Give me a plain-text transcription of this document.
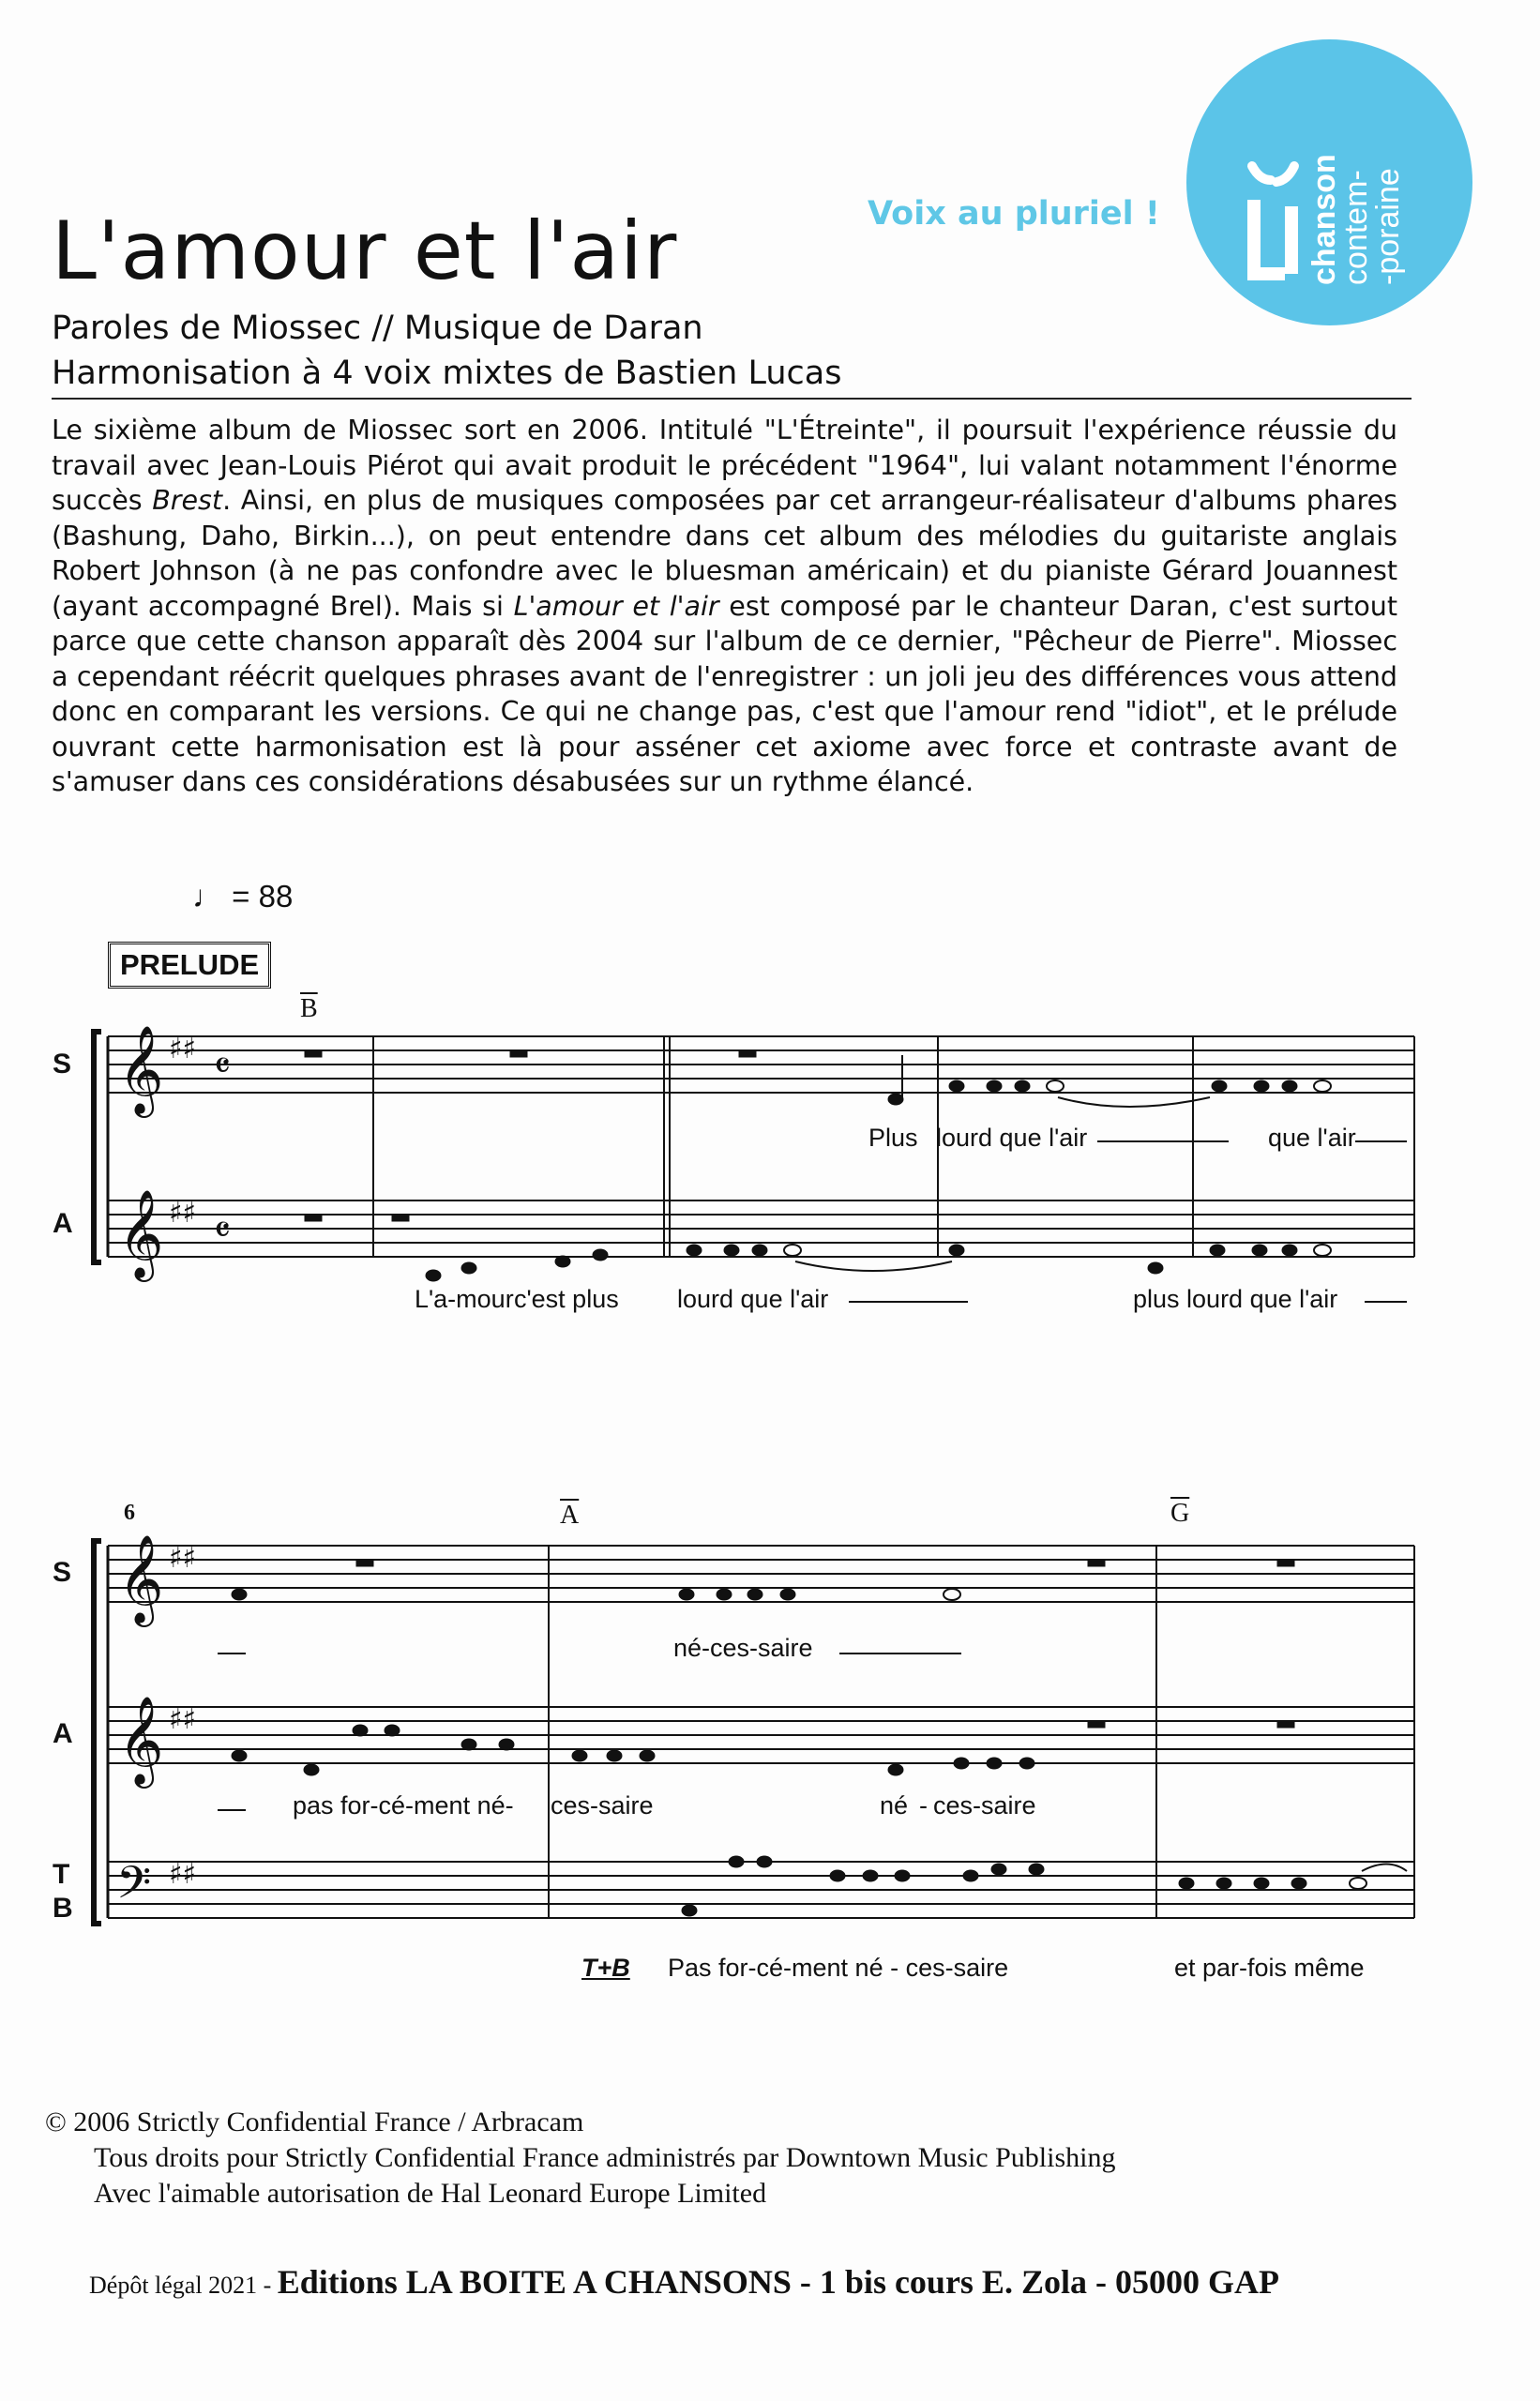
L'amour et l'air
Paroles de Miossec // Musique de Daran
Harmonisation à 4 voix mixtes de Bastien Lucas
Voix au pluriel !	chanson
contem-
-poraine

Le sixième album de Miossec sort en 2006. Intitulé "L'Étreinte", il poursuit l'expérience réussie du travail avec Jean-Louis Piérot qui avait produit le précédent "1964", lui valant notamment l'énorme succès Brest. Ainsi, en plus de musiques composées par cet arrangeur-réalisateur d'albums phares (Bashung, Daho, Birkin...), on peut entendre dans cet album des mélodies du guitariste anglais Robert Johnson (à ne pas confondre avec le bluesman américain) et du pianiste Gérard Jouannest (ayant accompagné Brel). Mais si L'amour et l'air est composé par le chanteur Daran, c'est surtout parce que cette chanson apparaît dès 2004 sur l'album de ce dernier, "Pêcheur de Pierre". Miossec a cependant réécrit quelques phrases avant de l'enregistrer : un joli jeu des différences vous attend donc en comparant les versions. Ce qui ne change pas, c'est que l'amour rend "idiot", et le prélude ouvrant cette harmonisation est là pour asséner cet axiome avec force et contraste avant de s'amuser dans ces considérations désabusées sur un rythme élancé.

♩ = 88
PRELUDE
$\overline{B}$
S
A
Plus lourd que l'air	que l'air
L'a-mour c'est plus lourd que l'air	plus lourd que l'air
6	$\overline{A}$	$\overline{G}$
S
A
T
B
né-ces-saire
pas for-cé-ment né- ces-saire	né - ces-saire
T+B Pas for-cé-ment né - ces-saire	et par-fois même
𝄞
𝄞
♯♯
♯♯
𝄴
𝄴
𝄞
𝄞
𝄢
♯♯
♯♯
♯♯
© 2006 Strictly Confidential France / Arbracam
Tous droits pour Strictly Confidential France administrés par Downtown Music Publishing
Avec l'aimable autorisation de Hal Leonard Europe Limited
Dépôt légal 2021 - Editions LA BOITE A CHANSONS - 1 bis cours E. Zola - 05000 GAP
